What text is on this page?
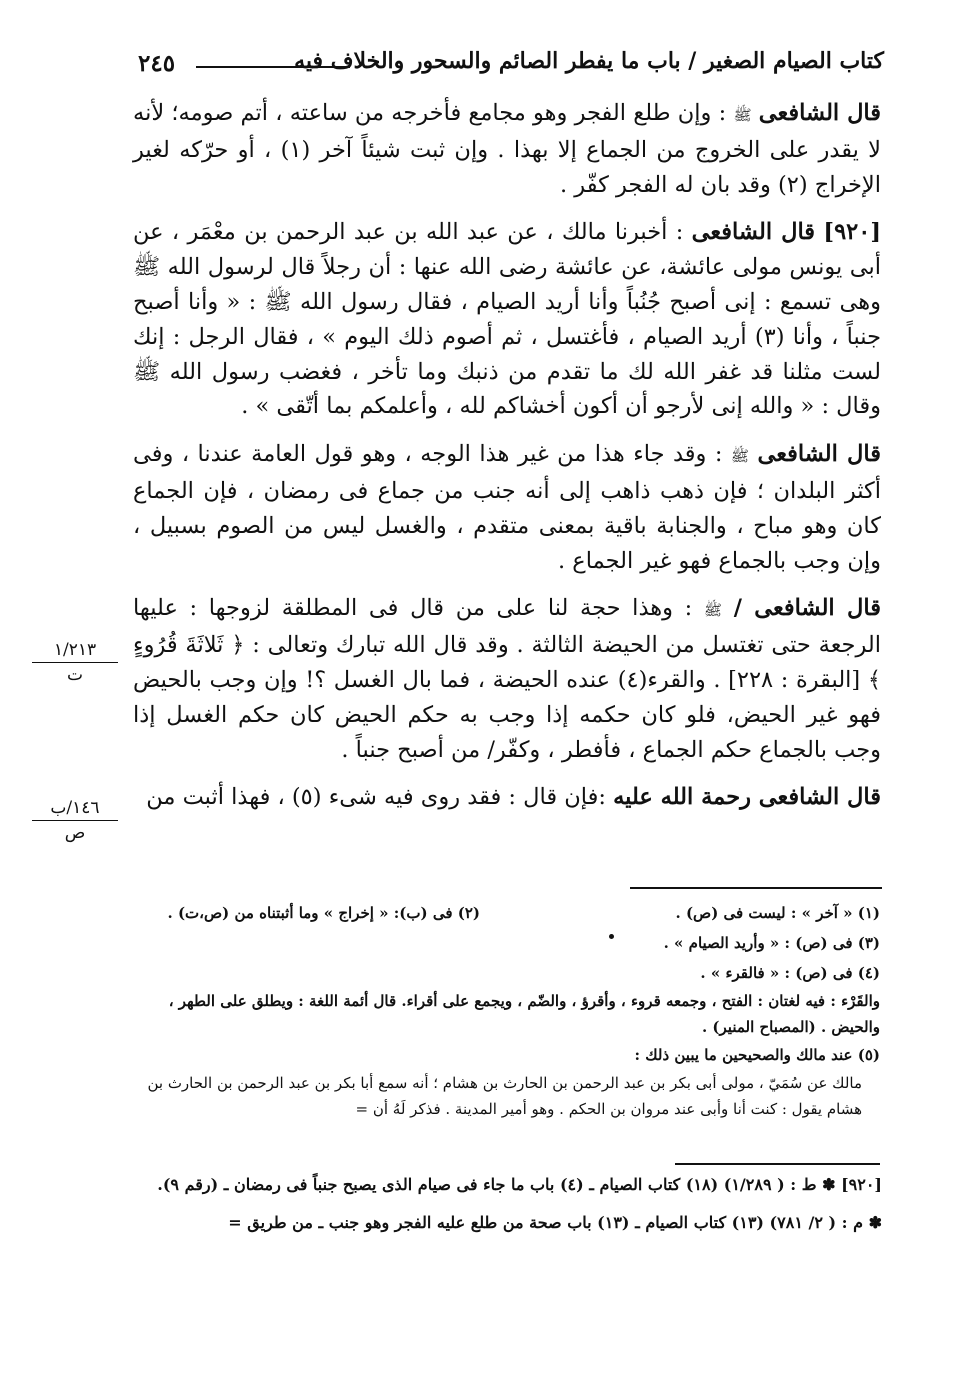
٢٤٥	كتاب الصيام الصغير / باب ما يفطر الصائم والسحور والخلاف فيه
١/٢١٣
ت
١٤٦/ب
ص

قال الشافعى ﷺ : وإن طلع الفجر وهو مجامع فأخرجه من ساعته ، أتم صومه؛ لأنه لا يقدر على الخروج من الجماع إلا بهذا . وإن ثبت شيئاً آخر (١) ، أو حرّكه لغير الإخراج (٢) وقد بان له الفجر كفّر .

[٩٢٠] قال الشافعى : أخبرنا مالك ، عن عبد الله بن عبد الرحمن بن معْمَر ، عن أبى يونس مولى عائشة، عن عائشة رضى الله عنها : أن رجلاً قال لرسول الله ﷺ وهى تسمع : إنى أصبح جُنُباً وأنا أريد الصيام ، فقال رسول الله ﷺ : « وأنا أصبح جنباً ، وأنا (٣) أريد الصيام ، فأغتسل ، ثم أصوم ذلك اليوم » ، فقال الرجل : إنك لست مثلنا قد غفر الله لك ما تقدم من ذنبك وما تأخر ، فغضب رسول الله ﷺ وقال : « والله إنى لأرجو أن أكون أخشاكم لله ، وأعلمكم بما أتّقى » .

قال الشافعى ﷺ : وقد جاء هذا من غير هذا الوجه ، وهو قول العامة عندنا ، وفى أكثر البلدان ؛ فإن ذهب ذاهب إلى أنه جنب من جماع فى رمضان ، فإن الجماع كان وهو مباح ، والجنابة باقية بمعنى متقدم ، والغسل ليس من الصوم بسبيل ، وإن وجب بالجماع فهو غير الجماع .

قال الشافعى / ﷺ : وهذا حجة لنا على من قال فى المطلقة لزوجها : عليها الرجعة حتى تغتسل من الحيضة الثالثة . وقد قال الله تبارك وتعالى : ﴿ ثَلاثَةَ قُرُوءٍ ﴾ [البقرة : ٢٢٨] . والقرء(٤) عنده الحيضة ، فما بال الغسل ؟! وإن وجب بالحيض فهو غير الحيض، فلو كان حكمه إذا وجب به حكم الحيض كان حكم الغسل إذا وجب بالجماع حكم الجماع ، فأفطر ، وكفّر/ من أصبح جنباً .

قال الشافعى رحمة الله عليه :فإن قال : فقد روى فيه شىء (٥) ، فهذا أثبت من

(١) « آخر » : ليست فى (ص) .
(٢) فى (ب): « إخراج » وما أثبتناه من (ص،ت) .
(٣) فى (ص) : « وأريد الصيام » .
(٤) فى (ص) : « فالقرء » .
والقَرْء : فيه لغتان : الفتح ، وجمعه قروء ، وأقرؤ ، والضّم ، ويجمع على أقراء. قال أئمة اللغة : ويطلق على الطهر ، والحيض . (المصباح المنير) .
(٥) عند مالك والصحيحين ما يبين ذلك :
مالك عن سُمَيّ ، مولى أبى بكر بن عبد الرحمن بن الحارث بن هشام ؛ أنه سمع أبا بكر بن عبد الرحمن بن الحارث بن هشام يقول : كنت أنا وأبى عند مروان بن الحكم . وهو أمير المدينة . فذكر لَهُ أن =

[٩٢٠] ✽ ط : ( ١/٢٨٩) (١٨) كتاب الصيام ـ (٤) باب ما جاء فى صيام الذى يصبح جنباً فى رمضان ـ (رقم ٩).

✽ م : ( ٢/ ٧٨١) (١٣) كتاب الصيام ـ (١٣) باب صحة من طلع عليه الفجر وهو جنب ـ من طريق =
